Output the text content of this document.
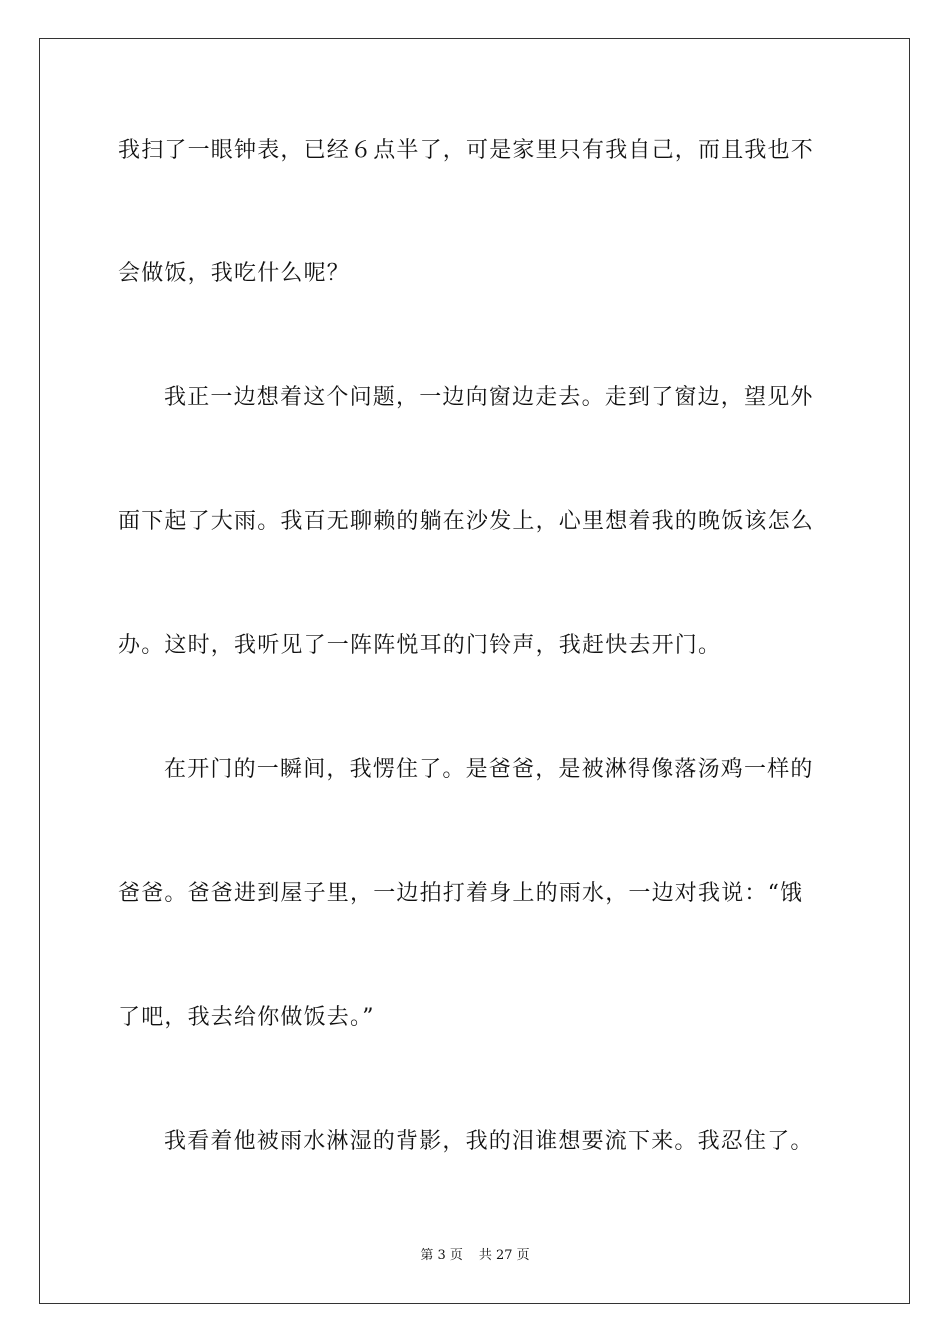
我扫了一眼钟表，已经６点半了，可是家里只有我自己，而且我也不
会做饭，我吃什么呢？
我正一边想着这个问题，一边向窗边走去。走到了窗边，望见外
面下起了大雨。我百无聊赖的躺在沙发上，心里想着我的晚饭该怎么
办。这时，我听见了一阵阵悦耳的门铃声，我赶快去开门。
在开门的一瞬间，我愣住了。是爸爸，是被淋得像落汤鸡一样的
爸爸。爸爸进到屋子里，一边拍打着身上的雨水，一边对我说：“饿
了吧，我去给你做饭去。”
我看着他被雨水淋湿的背影，我的泪谁想要流下来。我忍住了。
第 3 页 共 27 页
